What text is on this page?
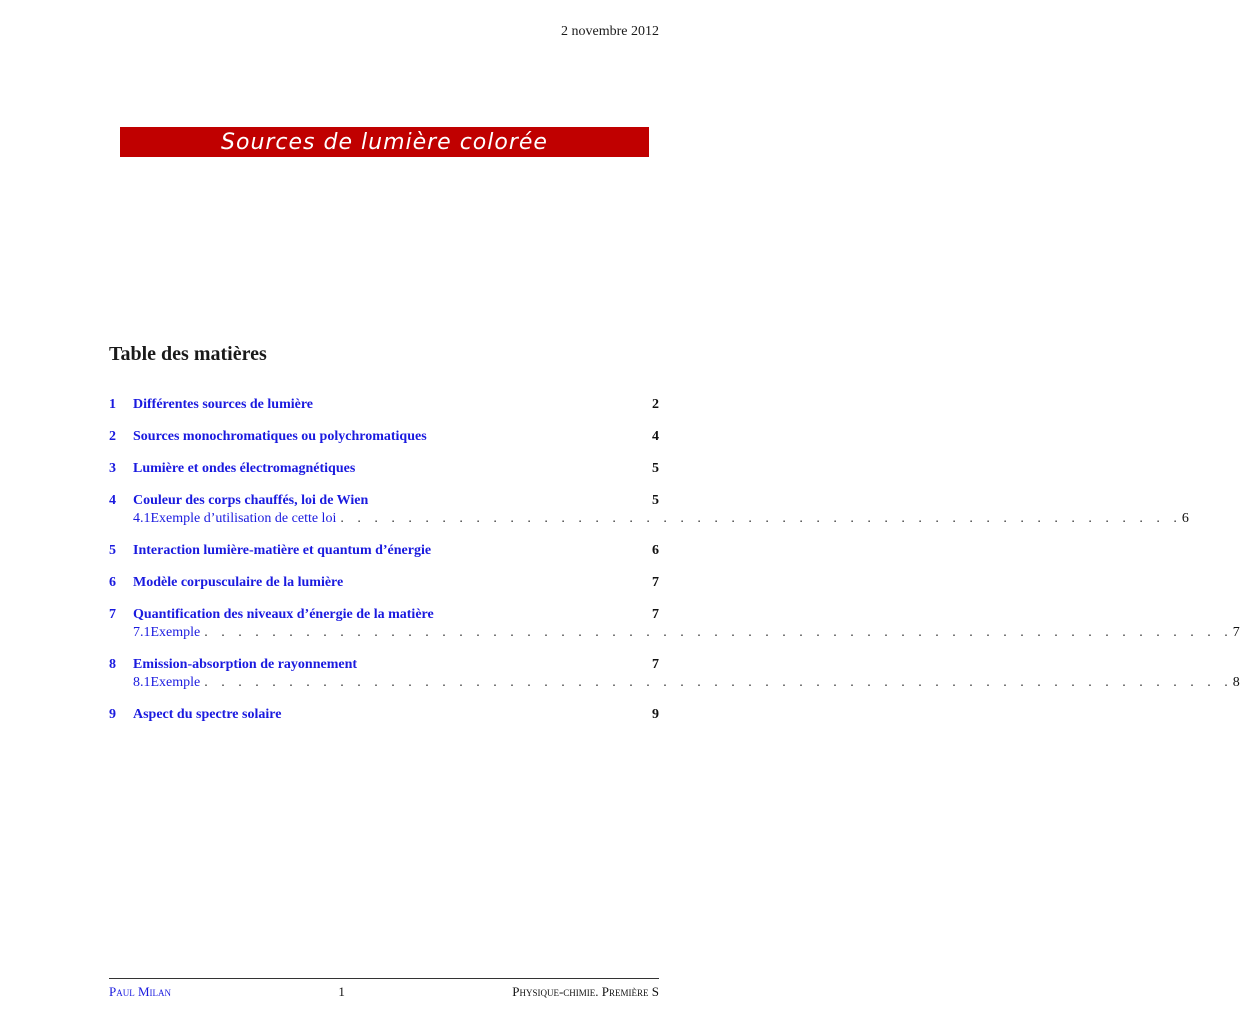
2 novembre 2012
Sources de lumière colorée
Table des matières
1	Différentes sources de lumière	2
2	Sources monochromatiques ou polychromatiques	4
3	Lumière et ondes électromagnétiques	5
4	Couleur des corps chauffés, loi de Wien	5
4.1 Exemple d’utilisation de cette loi . . . . . . . . . . . . . . . . . . . . . . . . . . . . . . . . . . . . . . . . . . . . . . . . . . 6
5	Interaction lumière-matière et quantum d’énergie	6
6	Modèle corpusculaire de la lumière	7
7	Quantification des niveaux d’énergie de la matière	7
7.1 Exemple . . . . . . . . . . . . . . . . . . . . . . . . . . . . . . . . . . . . . . . . . . . . . . . . . . . . . . . . . . . . . 7
8	Emission-absorption de rayonnement	7
8.1 Exemple . . . . . . . . . . . . . . . . . . . . . . . . . . . . . . . . . . . . . . . . . . . . . . . . . . . . . . . . . . . . . 8
9	Aspect du spectre solaire	9
Paul Milan	1	Physique-chimie. Première S
